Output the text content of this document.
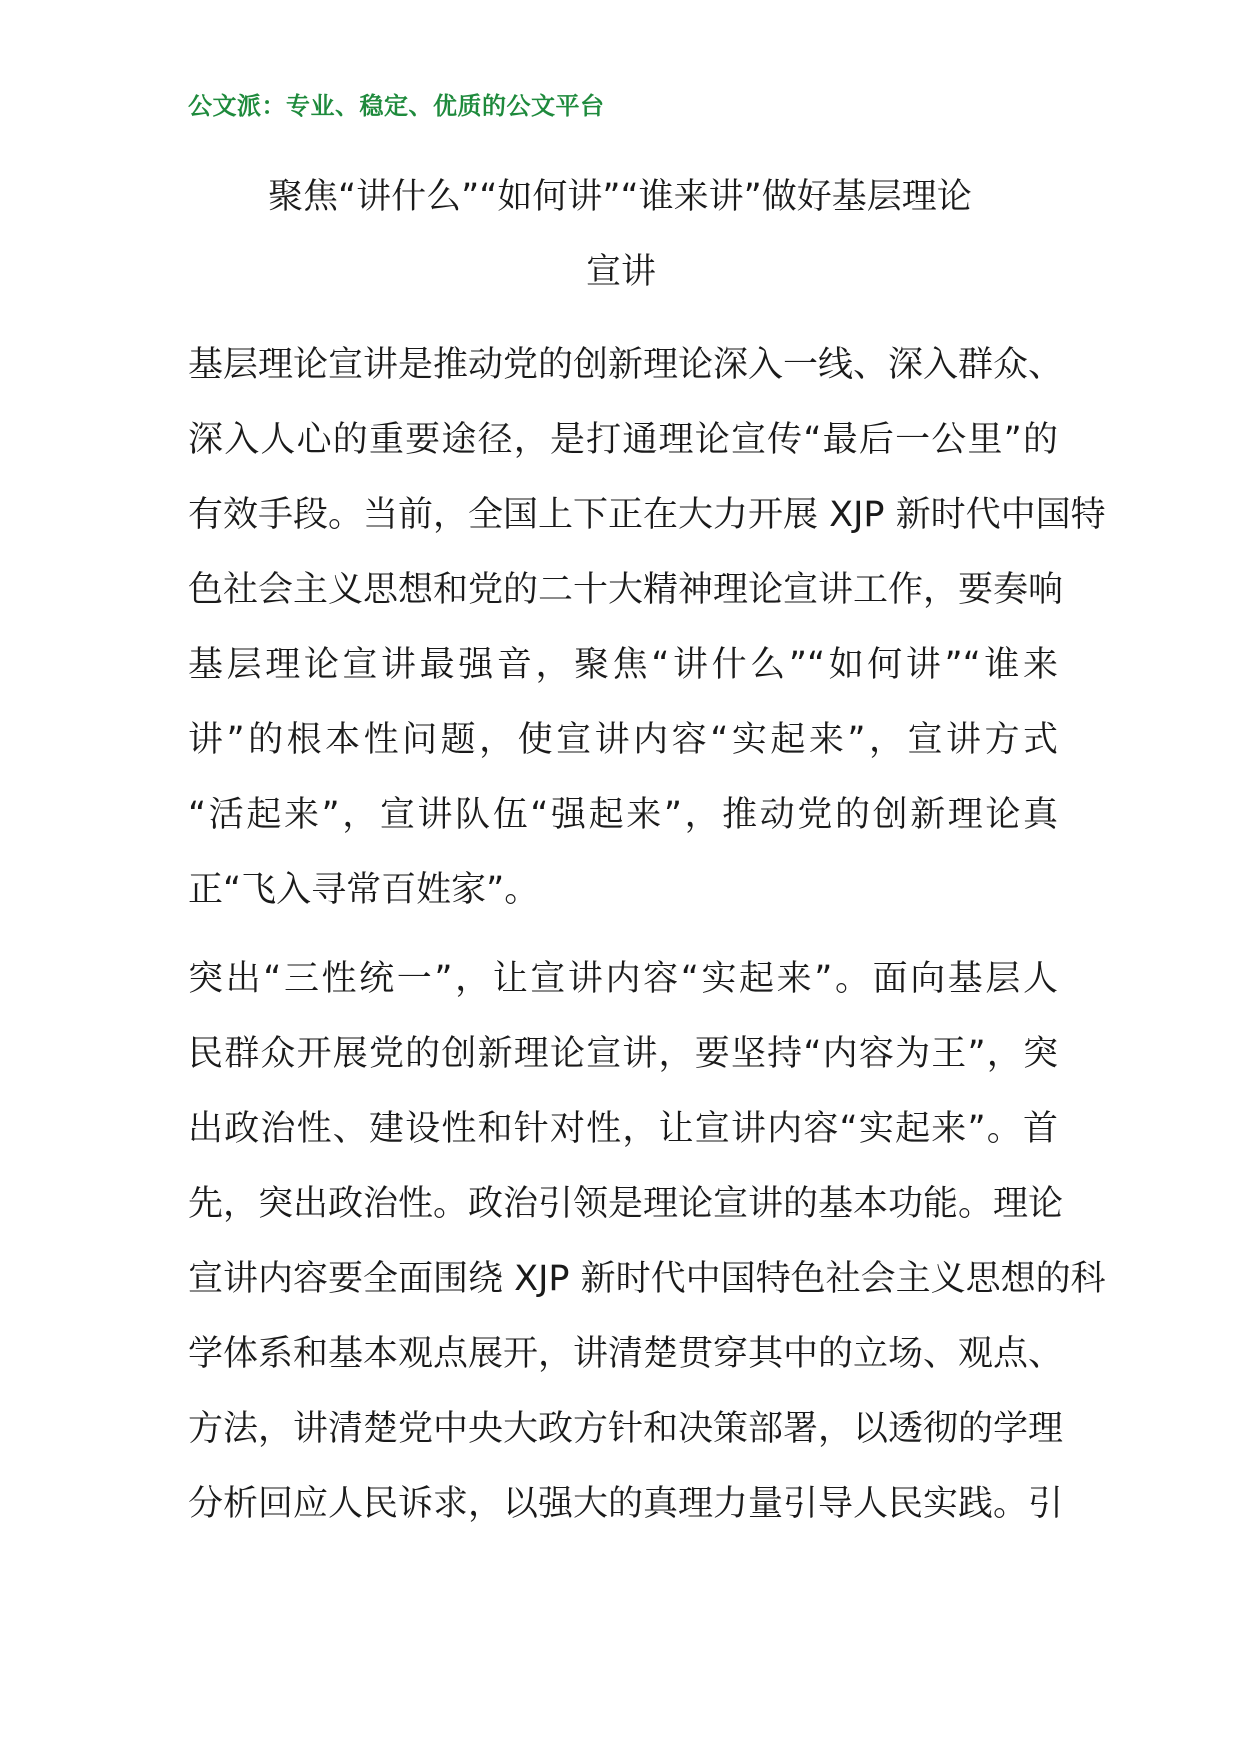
公文派：专业、稳定、优质的公文平台
聚焦“讲什么”“如何讲”“谁来讲”做好基层理论
宣讲

基层理论宣讲是推动党的创新理论深入一线、深入群众、
深入人心的重要途径，是打通理论宣传“最后一公里”的
有效手段。当前，全国上下正在大力开展 XJP 新时代中国特
色社会主义思想和党的二十大精神理论宣讲工作，要奏响
基层理论宣讲最强音，聚焦“讲什么”“如何讲”“谁来
讲”的根本性问题，使宣讲内容“实起来”，宣讲方式
“活起来”，宣讲队伍“强起来”，推动党的创新理论真
正“飞入寻常百姓家”。

突出“三性统一”，让宣讲内容“实起来”。面向基层人
民群众开展党的创新理论宣讲，要坚持“内容为王”，突
出政治性、建设性和针对性，让宣讲内容“实起来”。首
先，突出政治性。政治引领是理论宣讲的基本功能。理论
宣讲内容要全面围绕 XJP 新时代中国特色社会主义思想的科
学体系和基本观点展开，讲清楚贯穿其中的立场、观点、
方法，讲清楚党中央大政方针和决策部署，以透彻的学理
分析回应人民诉求，以强大的真理力量引导人民实践。引
